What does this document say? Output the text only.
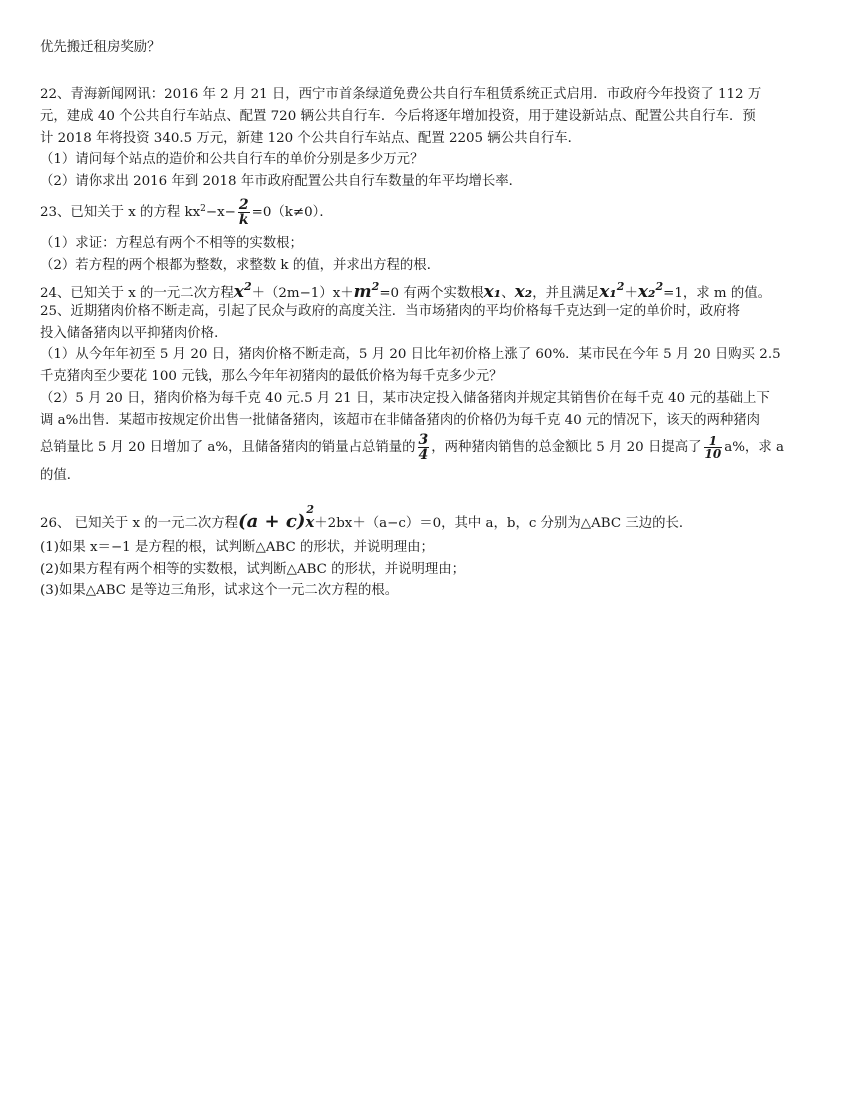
优先搬迁租房奖励？
22、青海新闻网讯：2016 年 2 月 21 日，西宁市首条绿道免费公共自行车租赁系统正式启用．市政府今年投资了 112 万
元，建成 40 个公共自行车站点、配置 720 辆公共自行车．今后将逐年增加投资，用于建设新站点、配置公共自行车．预
计 2018 年将投资 340.5 万元，新建 120 个公共自行车站点、配置 2205 辆公共自行车．
（1）请问每个站点的造价和公共自行车的单价分别是多少万元？
（2）请你求出 2016 年到 2018 年市政府配置公共自行车数量的年平均增长率．
23、已知关于 x 的方程 $kx^2-x- \frac{2}{k} =0(k\ne 0)$．
（1）求证：方程总有两个不相等的实数根；
（2）若方程的两个根都为整数，求整数 k 的值，并求出方程的根．
24、已知关于 x 的一元二次方程$x^2+(2m-1)x+m^2=0$ 有两个实数根x₁、x₂，并且满足x₁$^2$＋x₂$^2$=1，求 m 的值。
25、近期猪肉价格不断走高，引起了民众与政府的高度关注．当市场猪肉的平均价格每千克达到一定的单价时，政府将
投入储备猪肉以平抑猪肉价格．
（1）从今年年初至 5 月 20 日，猪肉价格不断走高，5 月 20 日比年初价格上涨了 60%．某市民在今年 5 月 20 日购买 2.5
千克猪肉至少要花 100 元钱，那么今年年初猪肉的最低价格为每千克多少元？
（2）5 月 20 日，猪肉价格为每千克 40 元.5 月 21 日，某市决定投入储备猪肉并规定其销售价在每千克 40 元的基础上下
调 a%出售．某超市按规定价出售一批储备猪肉，该超市在非储备猪肉的价格仍为每千克 40 元的情况下，该天的两种猪肉
总销量比 5 月 20 日增加了 a%，且储备猪肉的销量占总销量的 $\frac{3}{4}$ ，两种猪肉销售的总金额比 5 月 20 日提高了 $\frac{1}{10} a\%$，求 a
的值．
26、 已知关于 x 的一元二次方程(a + c)
2
x＋2bx＋（a−c）＝0，其中 a，b，c 分别为△ABC 三边的长．
(1)如果 x＝−1 是方程的根，试判断△ABC 的形状，并说明理由；
(2)如果方程有两个相等的实数根，试判断△ABC 的形状，并说明理由；
(3)如果△ABC 是等边三角形，试求这个一元二次方程的根。
